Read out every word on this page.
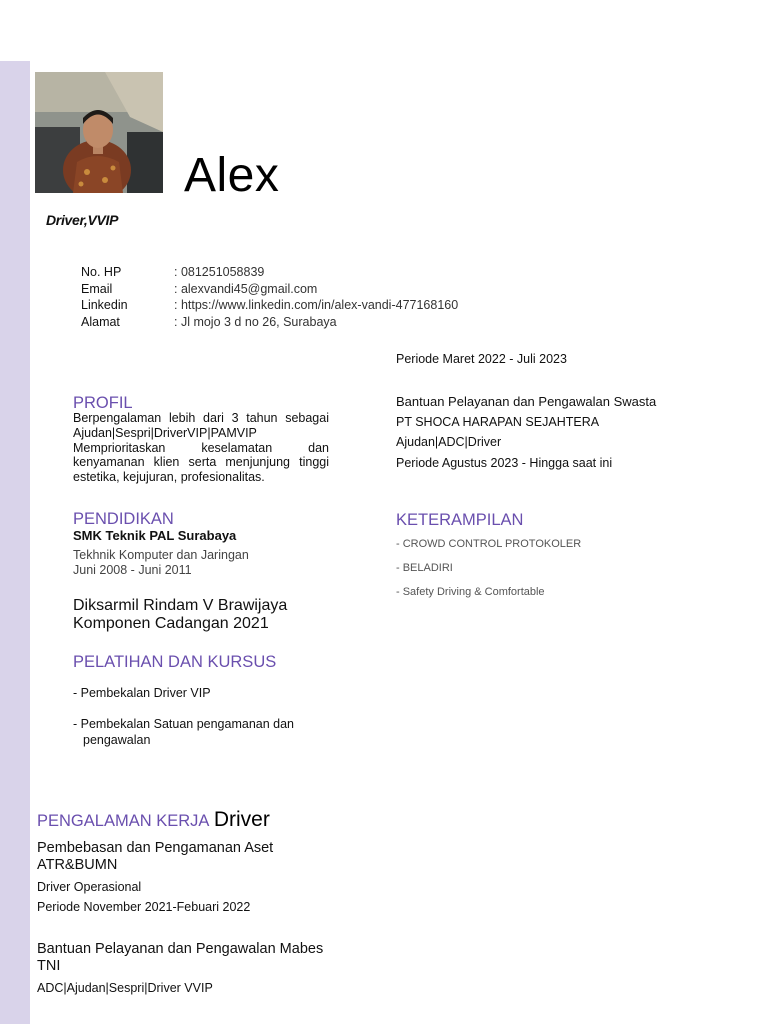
Alex
Driver,VVIP
No. HP	: 081251058839
Email	: alexvandi45@gmail.com
Linkedin	: https://www.linkedin.com/in/alex-vandi-477168160
Alamat	: Jl mojo 3 d no 26, Surabaya
PROFIL
Berpengalaman lebih dari 3 tahun sebagai Ajudan|Sespri|DriverVIP|PAMVIP Memprioritaskan keselamatan dan kenyamanan klien serta menjunjung tinggi estetika, kejujuran, profesionalitas.
PENDIDIKAN
SMK Teknik PAL Surabaya
Tekhnik Komputer dan Jaringan
Juni 2008 - Juni 2011
Diksarmil Rindam V Brawijaya
Komponen Cadangan 2021
PELATIHAN DAN KURSUS
- Pembekalan Driver VIP
- Pembekalan Satuan pengamanan dan
pengawalan
PENGALAMAN KERJA Driver
Pembebasan dan Pengamanan Aset
ATR&BUMN
Driver Operasional
Periode November 2021-Febuari 2022
Bantuan Pelayanan dan Pengawalan Mabes
TNI
ADC|Ajudan|Sespri|Driver VVIP
Periode Maret 2022 - Juli 2023
Bantuan Pelayanan dan Pengawalan Swasta
PT SHOCA HARAPAN SEJAHTERA
Ajudan|ADC|Driver
Periode Agustus 2023 - Hingga saat ini
KETERAMPILAN
- CROWD CONTROL PROTOKOLER
- BELADIRI
- Safety Driving & Comfortable
